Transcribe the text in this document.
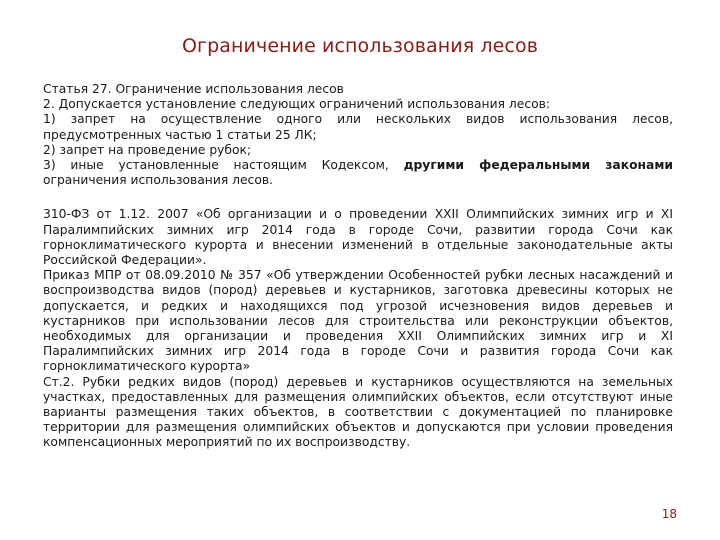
Ограничение использования лесов

Статья 27. Ограничение использования лесов

2. Допускается установление следующих ограничений использования лесов:

1) запрет на осуществление одного или нескольких видов использования лесов, предусмотренных частью 1 статьи 25 ЛК;

2) запрет на проведение рубок;

3) иные установленные настоящим Кодексом, другими федеральными законами ограничения использования лесов.

310-ФЗ от 1.12. 2007 «Об организации и о проведении XXII Олимпийских зимних игр и XI Паралимпийских зимних игр 2014 года в городе Сочи, развитии города Сочи как горноклиматического курорта и внесении изменений в отдельные законодательные акты Российской Федерации».

Приказ МПР от 08.09.2010 № 357 «Об утверждении Особенностей рубки лесных насаждений и воспроизводства видов (пород) деревьев и кустарников, заготовка древесины которых не допускается, и редких и находящихся под угрозой исчезновения видов деревьев и кустарников при использовании лесов для строительства или реконструкции объектов, необходимых для организации и проведения XXII Олимпийских зимних игр и XI Паралимпийских зимних игр 2014 года в городе Сочи и развития города Сочи как горноклиматического курорта»

Ст.2. Рубки редких видов (пород) деревьев и кустарников осуществляются на земельных участках, предоставленных для размещения олимпийских объектов, если отсутствуют иные варианты размещения таких объектов, в соответствии с документацией по планировке территории для размещения олимпийских объектов и допускаются при условии проведения компенсационных мероприятий по их воспроизводству.

18
